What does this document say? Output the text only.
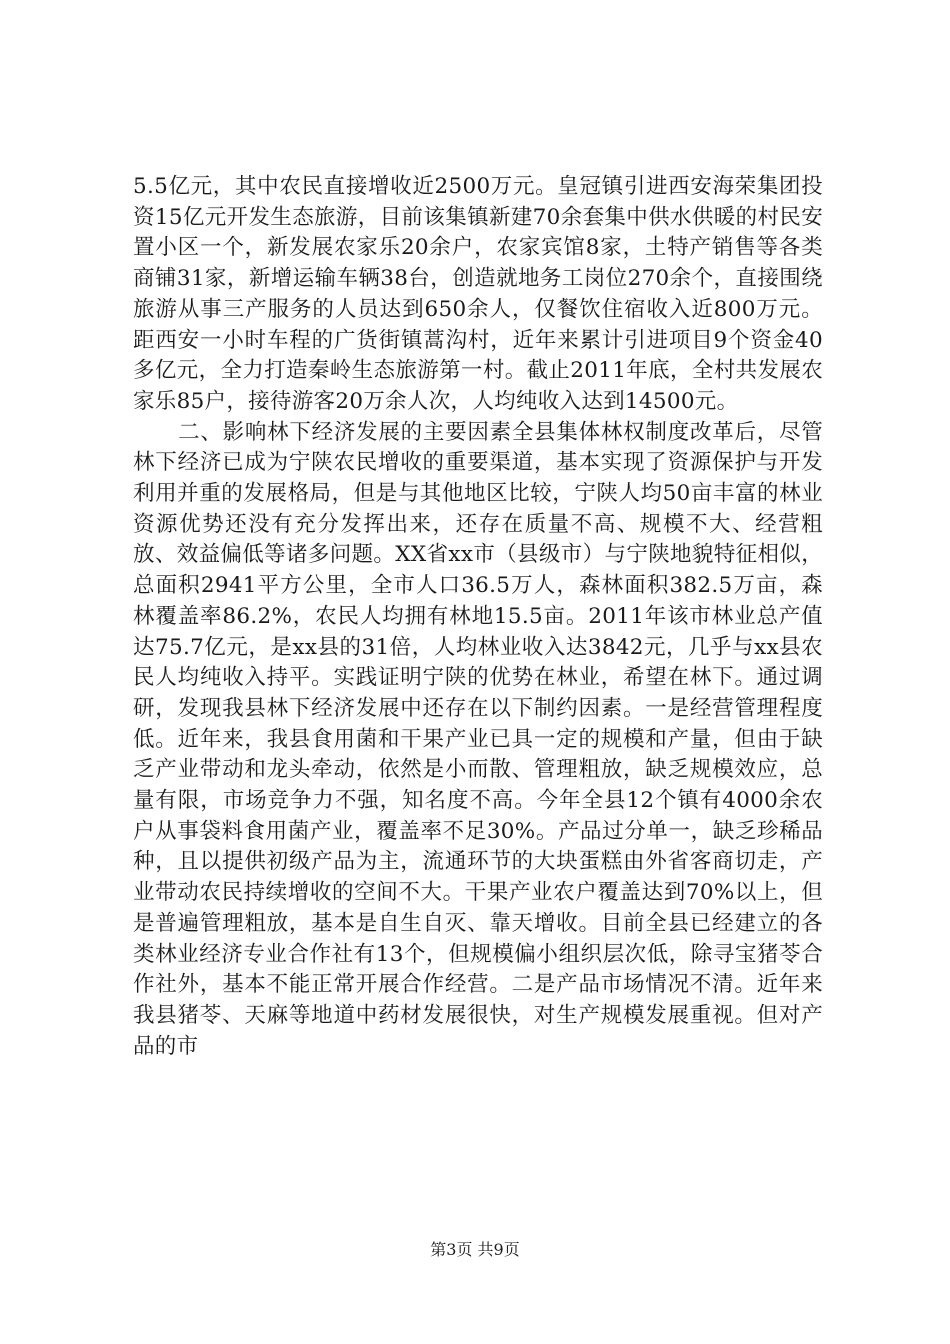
5.5亿元，其中农民直接增收近2500万元。皇冠镇引进西安海荣集团投资15亿元开发生态旅游，目前该集镇新建70余套集中供水供暖的村民安置小区一个，新发展农家乐20余户，农家宾馆8家，土特产销售等各类商铺31家，新增运输车辆38台，创造就地务工岗位270余个，直接围绕旅游从事三产服务的人员达到650余人，仅餐饮住宿收入近800万元。距西安一小时车程的广货街镇蒿沟村，近年来累计引进项目9个资金40多亿元，全力打造秦岭生态旅游第一村。截止2011年底，全村共发展农家乐85户，接待游客20万余人次，人均纯收入达到14500元。

二、影响林下经济发展的主要因素全县集体林权制度改革后，尽管林下经济已成为宁陕农民增收的重要渠道，基本实现了资源保护与开发利用并重的发展格局，但是与其他地区比较，宁陕人均50亩丰富的林业资源优势还没有充分发挥出来，还存在质量不高、规模不大、经营粗放、效益偏低等诸多问题。XX省xx市（县级市）与宁陕地貌特征相似，总面积2941平方公里，全市人口36.5万人，森林面积382.5万亩，森林覆盖率86.2%，农民人均拥有林地15.5亩。2011年该市林业总产值达75.7亿元，是xx县的31倍，人均林业收入达3842元，几乎与xx县农民人均纯收入持平。实践证明宁陕的优势在林业，希望在林下。通过调研，发现我县林下经济发展中还存在以下制约因素。一是经营管理程度低。近年来，我县食用菌和干果产业已具一定的规模和产量，但由于缺乏产业带动和龙头牵动，依然是小而散、管理粗放，缺乏规模效应，总量有限，市场竞争力不强，知名度不高。今年全县12个镇有4000余农户从事袋料食用菌产业，覆盖率不足30%。产品过分单一，缺乏珍稀品种，且以提供初级产品为主，流通环节的大块蛋糕由外省客商切走，产业带动农民持续增收的空间不大。干果产业农户覆盖达到70%以上，但是普遍管理粗放，基本是自生自灭、靠天增收。目前全县已经建立的各类林业经济专业合作社有13个，但规模偏小组织层次低，除寻宝猪苓合作社外，基本不能正常开展合作经营。二是产品市场情况不清。近年来我县猪苓、天麻等地道中药材发展很快，对生产规模发展重视。但对产品的市

第3页 共9页
